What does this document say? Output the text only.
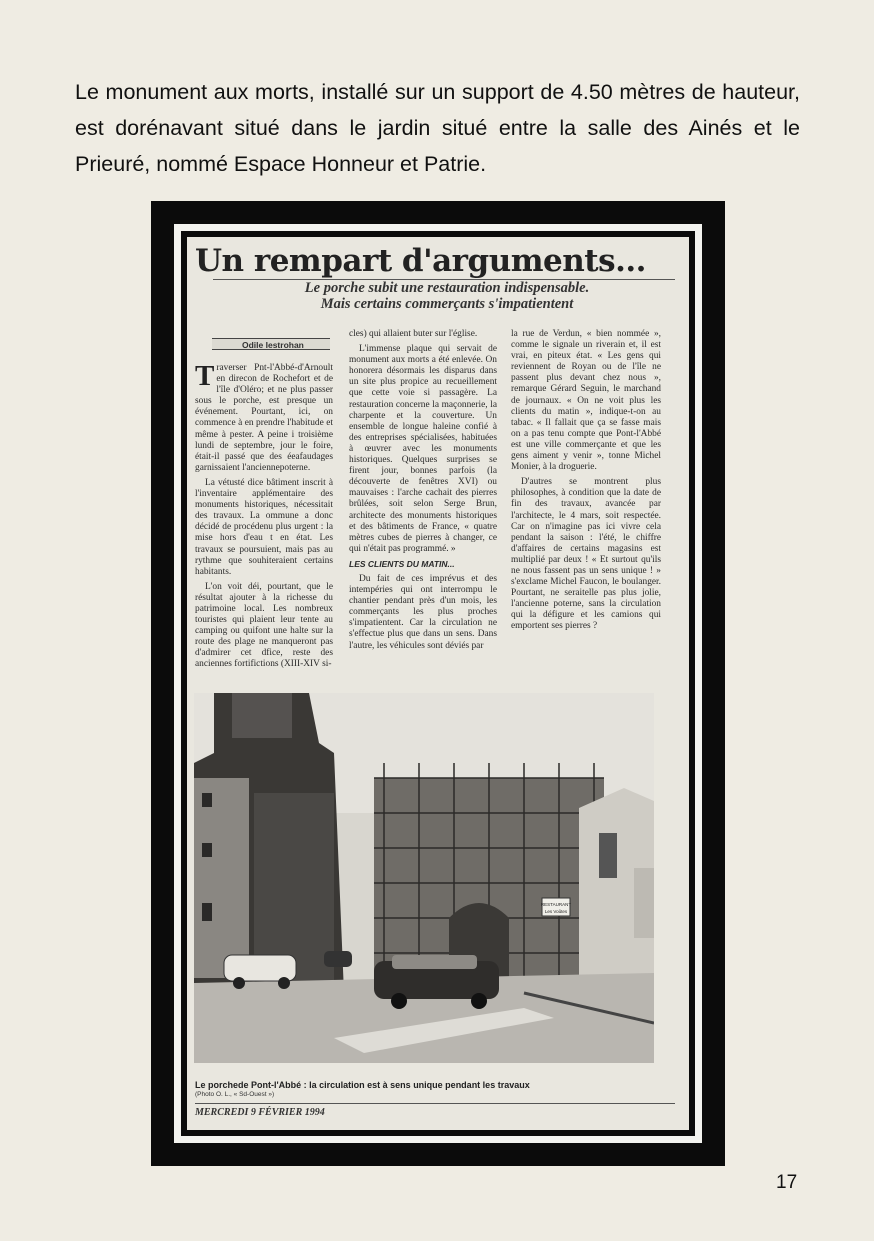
Le monument aux morts, installé sur un support de 4.50 mètres de hauteur, est dorénavant situé dans le jardin situé entre la salle des Ainés et le Prieuré, nommé Espace Honneur et Patrie.
Un rempart d'arguments...
Le porche subit une restauration indispensable.
Mais certains commerçants s'impatientent
Odile Iestrohan

Traverser Pnt-l'Abbé-d'Arnoult en direcon de Rochefort et de l'île d'Oléro; et ne plus passer sous le porche, est presque un événement. Pourtant, ici, on commence à en prendre l'habitude et même à pester. A peine i troisième lundi de septembre, jour le foire, était-il passé que des éeafaudages garnissaient l'anciennepoterne.

La vétusté dice bâtiment inscrit à l'inventaire applémentaire des monuments historiques, nécessitait des travaux. La ommune a donc décidé de procédenu plus urgent : la mise hors d'eau t en état. Les travaux se poursuient, mais pas au rythme que souhiteraient certains habitants.

L'on voit déi, pourtant, que le résultat ajouter à la richesse du patrimoine local. Les nombreux touristes qui plaient leur tente au camping ou quifont une halte sur la route des plage ne manqueront pas d'admirer cet dfice, reste des anciennes fortifictions (XIII-XIV si-

cles) qui allaient buter sur l'église.

L'immense plaque qui servait de monument aux morts a été enlevée. On honorera désormais les disparus dans un site plus propice au recueillement que cette voie si passagère. La restauration concerne la maçonnerie, la charpente et la couverture. Un ensemble de longue haleine confié à des entreprises spécialisées, habituées à œuvrer avec les monuments historiques. Quelques surprises se firent jour, bonnes parfois (la découverte de fenêtres XVI) ou mauvaises : l'arche cachait des pierres brûlées, soit selon Serge Brun, architecte des monuments historiques et des bâtiments de France, « quatre mètres cubes de pierres à changer, ce qui n'était pas programmé. »

LES CLIENTS DU MATIN...

Du fait de ces imprévus et des intempéries qui ont interrompu le chantier pendant près d'un mois, les commerçants les plus proches s'impatientent. Car la circulation ne s'effectue plus que dans un sens. Dans l'autre, les véhicules sont déviés par

la rue de Verdun, « bien nommée », comme le signale un riverain et, il est vrai, en piteux état. « Les gens qui reviennent de Royan ou de l'île ne passent plus devant chez nous », remarque Gérard Seguin, le marchand de journaux. « On ne voit plus les clients du matin », indique-t-on au tabac. « Il fallait que ça se fasse mais on a pas tenu compte que Pont-l'Abbé est une ville commerçante et que les gens aiment y venir », tonne Michel Monier, à la droguerie.

D'autres se montrent plus philosophes, à condition que la date de fin des travaux, avancée par l'architecte, le 4 mars, soit respectée. Car on n'imagine pas ici vivre cela pendant la saison : l'été, le chiffre d'affaires de certains magasins est multiplié par deux ! « Et surtout qu'ils ne nous fassent pas un sens unique ! » s'exclame Michel Faucon, le boulanger. Pourtant, ne seraitelle pas plus jolie, l'ancienne poterne, sans la circulation qui la défigure et les camions qui emportent ses pierres ?

RESTAURANT
Les Voûtes
Le porchede Pont-l'Abbé : la circulation est à sens unique pendant les travaux
(Photo O. L., « Sd-Ouest »)
MERCREDI 9 FÉVRIER 1994
17
